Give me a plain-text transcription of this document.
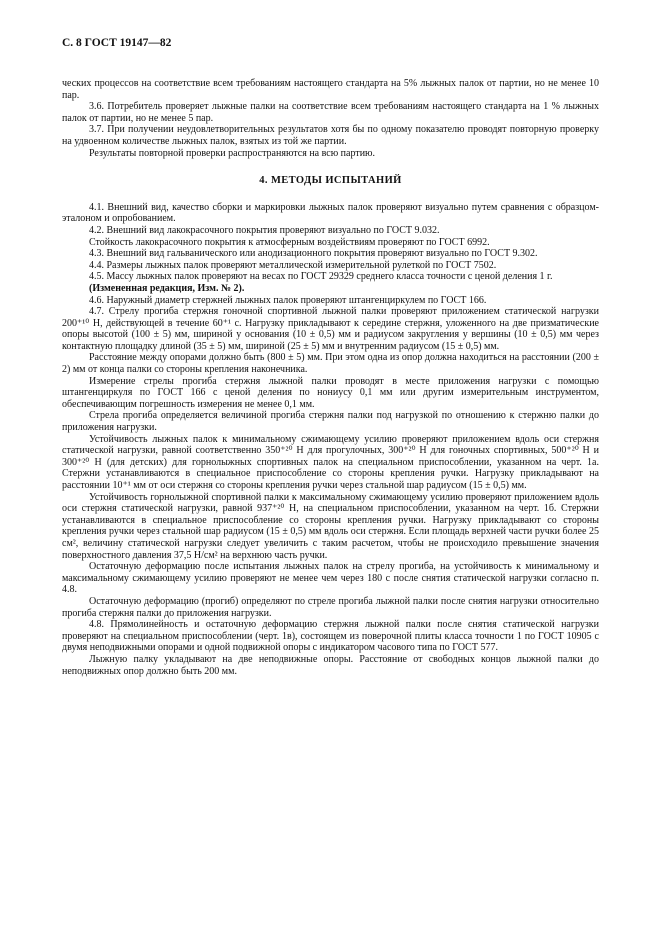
С. 8 ГОСТ 19147—82

ческих процессов на соответствие всем требованиям настоящего стандарта на 5% лыжных палок от партии, но не менее 10 пар.

3.6. Потребитель проверяет лыжные палки на соответствие всем требованиям настоящего стандарта на 1 % лыжных палок от партии, но не менее 5 пар.

3.7. При получении неудовлетворительных результатов хотя бы по одному показателю проводят повторную проверку на удвоенном количестве лыжных палок, взятых из той же партии.

Результаты повторной проверки распространяются на всю партию.

4. МЕТОДЫ ИСПЫТАНИЙ

4.1. Внешний вид, качество сборки и маркировки лыжных палок проверяют визуально путем сравнения с образцом-эталоном и опробованием.

4.2. Внешний вид лакокрасочного покрытия проверяют визуально по ГОСТ 9.032.

Стойкость лакокрасочного покрытия к атмосферным воздействиям проверяют по ГОСТ 6992.

4.3. Внешний вид гальванического или анодизационного покрытия проверяют визуально по ГОСТ 9.302.

4.4. Размеры лыжных палок проверяют металлической измерительной рулеткой по ГОСТ 7502.

4.5. Массу лыжных палок проверяют на весах по ГОСТ 29329 среднего класса точности с ценой деления 1 г.

(Измененная редакция, Изм. № 2).

4.6. Наружный диаметр стержней лыжных палок проверяют штангенциркулем по ГОСТ 166.

4.7. Стрелу прогиба стержня гоночной спортивной лыжной палки проверяют приложением статической нагрузки 200⁺¹⁰ Н, действующей в течение 60⁺¹ с. Нагрузку прикладывают к середине стержня, уложенного на две призматические опоры высотой (100 ± 5) мм, шириной у основания (10 ± 0,5) мм и радиусом закругления у вершины (10 ± 0,5) мм через контактную площадку длиной (35 ± 5) мм, шириной (25 ± 5) мм и внутренним радиусом (15 ± 0,5) мм.

Расстояние между опорами должно быть (800 ± 5) мм. При этом одна из опор должна находиться на расстоянии (200 ± 2) мм от конца палки со стороны крепления наконечника.

Измерение стрелы прогиба стержня лыжной палки проводят в месте приложения нагрузки с помощью штангенциркуля по ГОСТ 166 с ценой деления по нониусу 0,1 мм или другим измерительным инструментом, обеспечивающим погрешность измерения не менее 0,1 мм.

Стрела прогиба определяется величиной прогиба стержня палки под нагрузкой по отношению к стержню палки до приложения нагрузки.

Устойчивость лыжных палок к минимальному сжимающему усилию проверяют приложением вдоль оси стержня статической нагрузки, равной соответственно 350⁺²⁰ Н для прогулочных, 300⁺²⁰ Н для гоночных спортивных, 500⁺²⁰ Н и 300⁺²⁰ Н (для детских) для горнолыжных спортивных палок на специальном приспособлении, указанном на черт. 1а. Стержни устанавливаются в специальное приспособление со стороны крепления ручки. Нагрузку прикладывают на расстоянии 10⁺¹ мм от оси стержня со стороны крепления ручки через стальной шар радиусом (15 ± 0,5) мм.

Устойчивость горнолыжной спортивной палки к максимальному сжимающему усилию проверяют приложением вдоль оси стержня статической нагрузки, равной 937⁺²⁰ Н, на специальном приспособлении, указанном на черт. 1б. Стержни устанавливаются в специальное приспособление со стороны крепления ручки. Нагрузку прикладывают со стороны крепления ручки через стальной шар радиусом (15 ± 0,5) мм вдоль оси стержня. Если площадь верхней части ручки более 25 см², величину статической нагрузки следует увеличить с таким расчетом, чтобы не происходило превышение значения поверхностного давления 37,5 Н/см² на верхнюю часть ручки.

Остаточную деформацию после испытания лыжных палок на стрелу прогиба, на устойчивость к минимальному и максимальному сжимающему усилию проверяют не менее чем через 180 с после снятия статической нагрузки согласно п. 4.8.

Остаточную деформацию (прогиб) определяют по стреле прогиба лыжной палки после снятия нагрузки относительно прогиба стержня палки до приложения нагрузки.

4.8. Прямолинейность и остаточную деформацию стержня лыжной палки после снятия статической нагрузки проверяют на специальном приспособлении (черт. 1в), состоящем из поверочной плиты класса точности 1 по ГОСТ 10905 с двумя неподвижными опорами и одной подвижной опоры с индикатором часового типа по ГОСТ 577.

Лыжную палку укладывают на две неподвижные опоры. Расстояние от свободных концов лыжной палки до неподвижных опор должно быть 200 мм.
